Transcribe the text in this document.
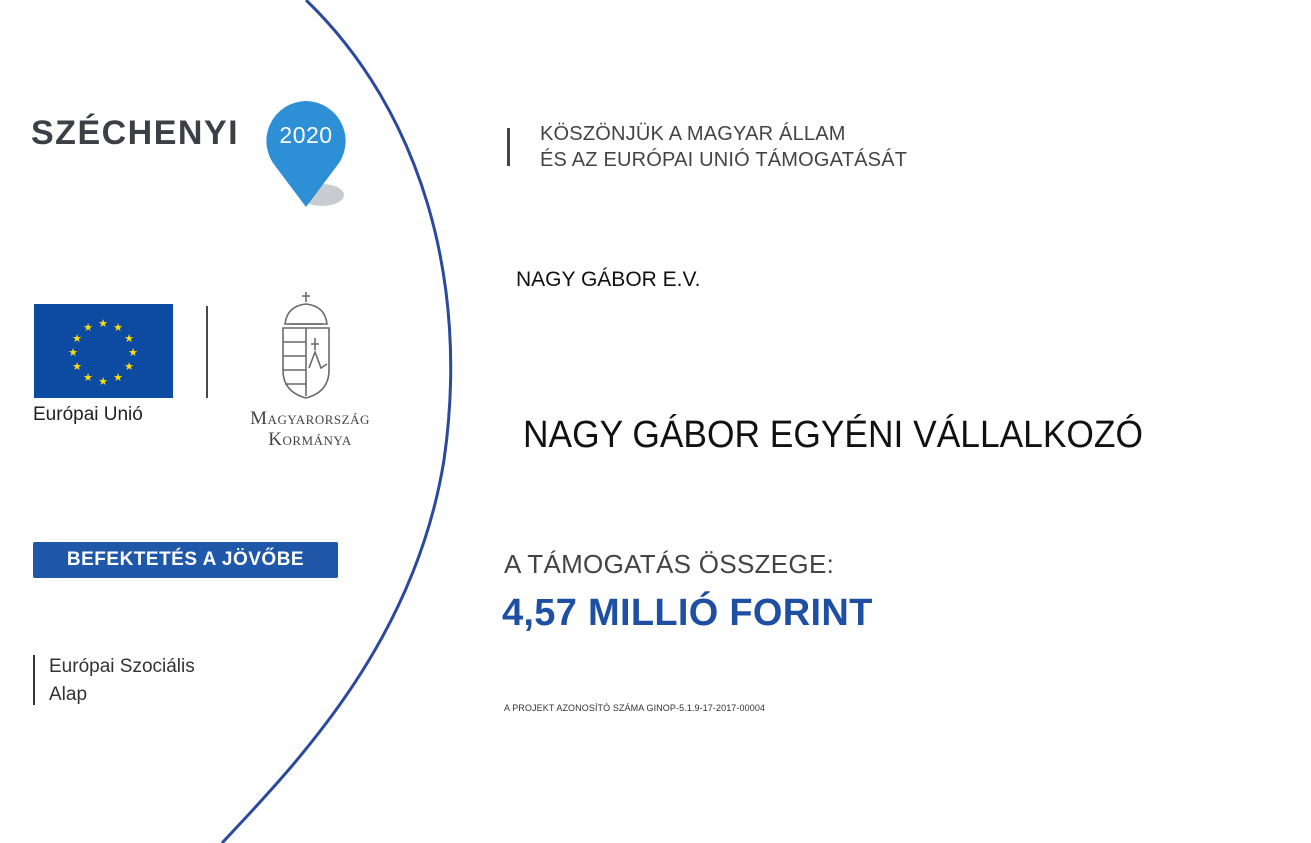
SZÉCHENYI	2020
★ ★
★
★
★
★
★
★
★
★
★
★
Európai Unió	Magyarország
Kormánya
BEFEKTETÉS A JÖVŐBE
Európai Szociális
Alap
KÖSZÖNJÜK A MAGYAR ÁLLAM
ÉS AZ EURÓPAI UNIÓ TÁMOGATÁSÁT
NAGY GÁBOR E.V.
NAGY GÁBOR EGYÉNI VÁLLALKOZÓ
A TÁMOGATÁS ÖSSZEGE:
4,57 MILLIÓ FORINT
A PROJEKT AZONOSÍTÓ SZÁMA GINOP-5.1.9-17-2017-00004
